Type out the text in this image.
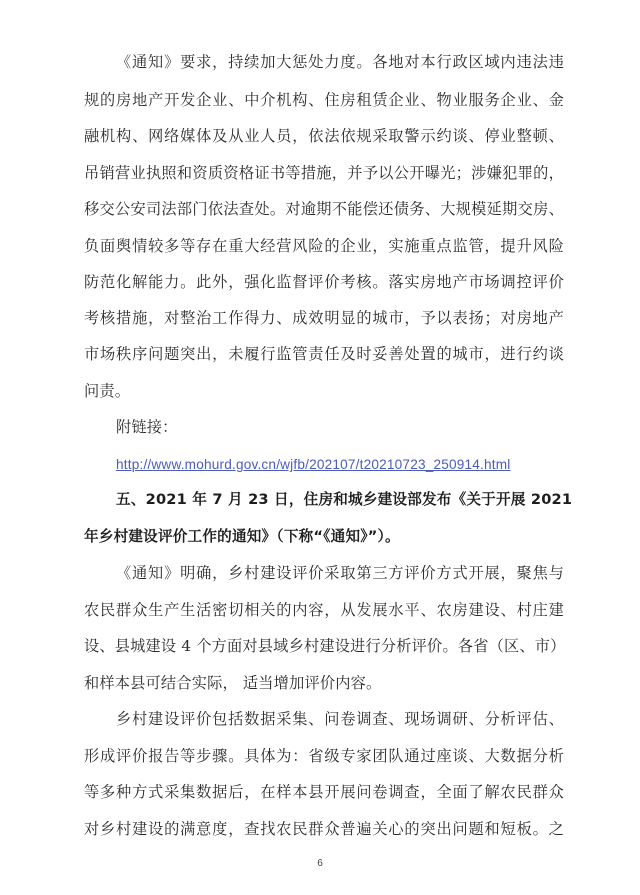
《通知》要求，持续加大惩处力度。各地对本行政区域内违法违
规的房地产开发企业、中介机构、住房租赁企业、物业服务企业、金
融机构、网络媒体及从业人员，依法依规采取警示约谈、停业整顿、
吊销营业执照和资质资格证书等措施，并予以公开曝光；涉嫌犯罪的，
移交公安司法部门依法查处。对逾期不能偿还债务、大规模延期交房、
负面舆情较多等存在重大经营风险的企业，实施重点监管，提升风险
防范化解能力。此外，强化监督评价考核。落实房地产市场调控评价
考核措施，对整治工作得力、成效明显的城市，予以表扬；对房地产
市场秩序问题突出，未履行监管责任及时妥善处置的城市，进行约谈
问责。
附链接：
http://www.mohurd.gov.cn/wjfb/202107/t20210723_250914.html
五、2021 年 7 月 23 日，住房和城乡建设部发布《关于开展 2021
年乡村建设评价工作的通知》（下称“《通知》”）。
《通知》明确，乡村建设评价采取第三方评价方式开展，聚焦与
农民群众生产生活密切相关的内容，从发展水平、农房建设、村庄建
设、县城建设 4 个方面对县域乡村建设进行分析评价。各省（区、市）
和样本县可结合实际， 适当增加评价内容。
乡村建设评价包括数据采集、问卷调查、现场调研、分析评估、
形成评价报告等步骤。具体为：省级专家团队通过座谈、大数据分析
等多种方式采集数据后，在样本县开展问卷调查，全面了解农民群众
对乡村建设的满意度，查找农民群众普遍关心的突出问题和短板。之
6
